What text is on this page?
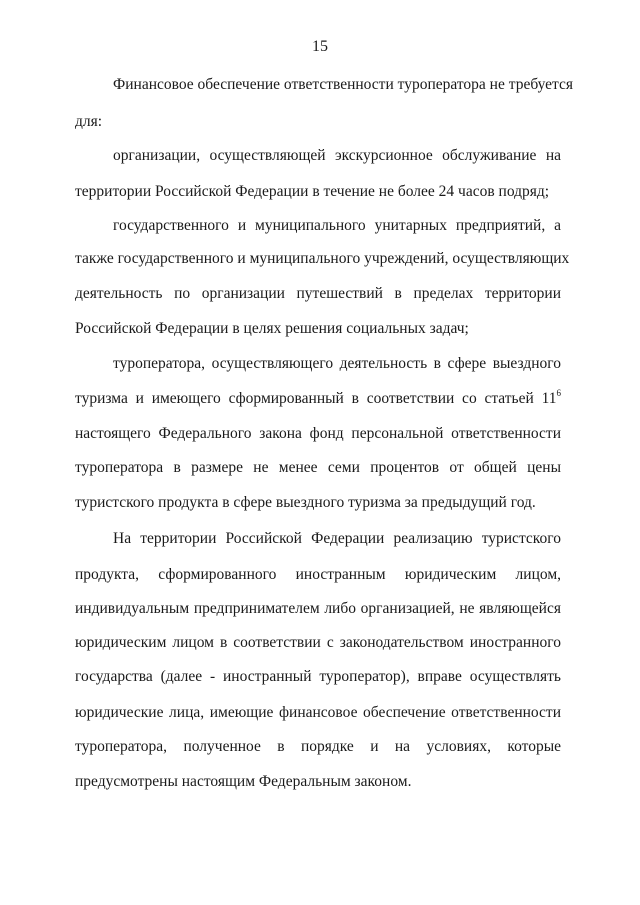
15
Финансовое обеспечение ответственности туроператора не требуется
для:
организации, осуществляющей экскурсионное обслуживание на
территории Российской Федерации в течение не более 24 часов подряд;
государственного и муниципального унитарных предприятий, а
также государственного и муниципального учреждений, осуществляющих
деятельность по организации путешествий в пределах территории
Российской Федерации в целях решения социальных задач;
туроператора, осуществляющего деятельность в сфере выездного
туризма и имеющего сформированный в соответствии со статьей $11^6$
настоящего Федерального закона фонд персональной ответственности
туроператора в размере не менее семи процентов от общей цены
туристского продукта в сфере выездного туризма за предыдущий год.
На территории Российской Федерации реализацию туристского
продукта, сформированного иностранным юридическим лицом,
индивидуальным предпринимателем либо организацией, не являющейся
юридическим лицом в соответствии с законодательством иностранного
государства (далее - иностранный туроператор), вправе осуществлять
юридические лица, имеющие финансовое обеспечение ответственности
туроператора, полученное в порядке и на условиях, которые
предусмотрены настоящим Федеральным законом.
